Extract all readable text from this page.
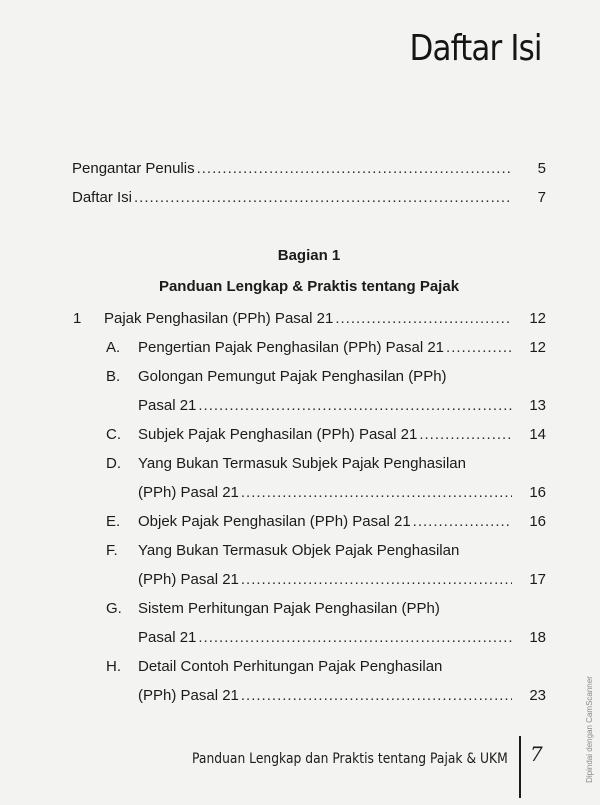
Daftar Isi
Pengantar Penulis .....	5
Daftar Isi .....	7
Bagian 1
Panduan Lengkap & Praktis tentang Pajak
1 Pajak Penghasilan (PPh) Pasal 21 .....	12
A. Pengertian Pajak Penghasilan (PPh) Pasal 21 .....	12
B. Golongan Pemungut Pajak Penghasilan (PPh)
Pasal 21 .....	13
C. Subjek Pajak Penghasilan (PPh) Pasal 21 .....	14
D. Yang Bukan Termasuk Subjek Pajak Penghasilan
(PPh) Pasal 21 .....	16
E. Objek Pajak Penghasilan (PPh) Pasal 21 .....	16
F. Yang Bukan Termasuk Objek Pajak Penghasilan
(PPh) Pasal 21 .....	17
G. Sistem Perhitungan Pajak Penghasilan (PPh)
Pasal 21 .....	18
H. Detail Contoh Perhitungan Pajak Penghasilan
(PPh) Pasal 21 .....	23
Panduan Lengkap dan Praktis tentang Pajak & UKM 7	Dipindai dengan CamScanner
